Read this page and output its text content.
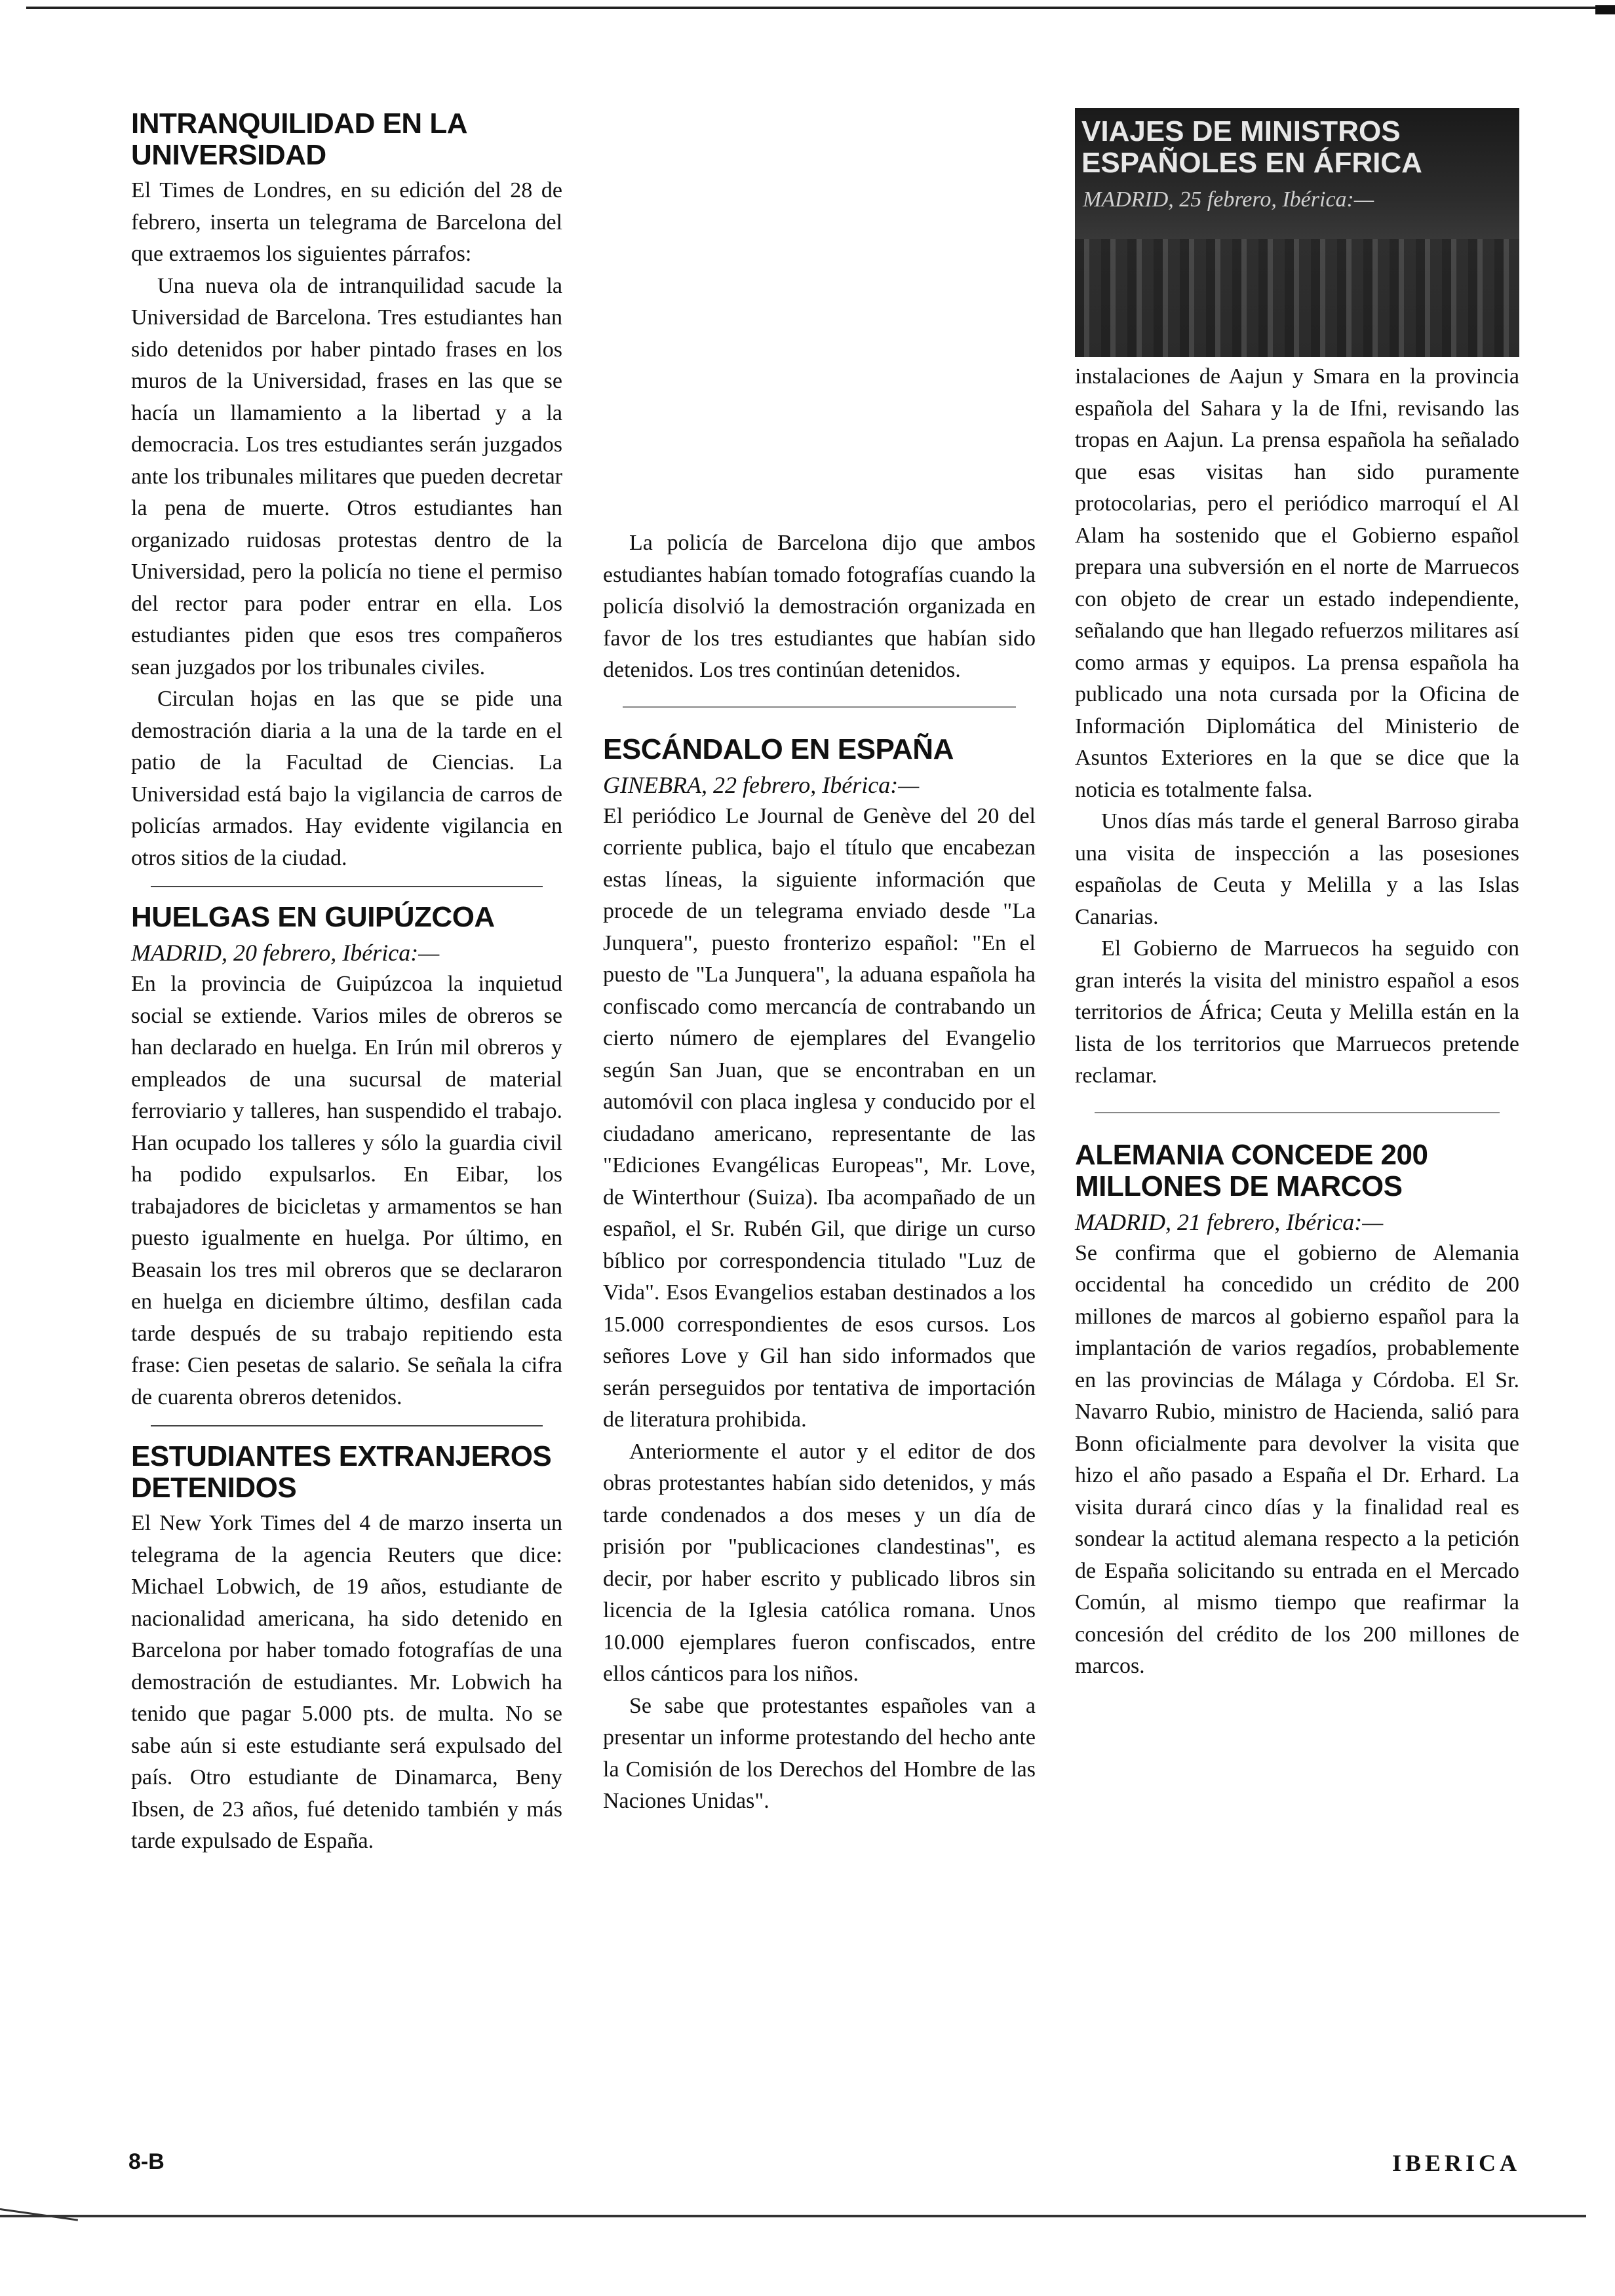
INTRANQUILIDAD EN LA UNIVERSIDAD

El Times de Londres, en su edición del 28 de febrero, inserta un telegrama de Barcelona del que extraemos los siguientes párrafos:

Una nueva ola de intranquilidad sacude la Universidad de Barcelona. Tres estudiantes han sido detenidos por haber pintado frases en los muros de la Universidad, frases en las que se hacía un llamamiento a la libertad y a la democracia. Los tres estudiantes serán juzgados ante los tribunales militares que pueden decretar la pena de muerte. Otros estudiantes han organizado ruidosas protestas dentro de la Universidad, pero la policía no tiene el permiso del rector para poder entrar en ella. Los estudiantes piden que esos tres compañeros sean juzgados por los tribunales civiles.

Circulan hojas en las que se pide una demostración diaria a la una de la tarde en el patio de la Facultad de Ciencias. La Universidad está bajo la vigilancia de carros de policías armados. Hay evidente vigilancia en otros sitios de la ciudad.

HUELGAS EN GUIPÚZCOA

MADRID, 20 febrero, Ibérica:—

En la provincia de Guipúzcoa la inquietud social se extiende. Varios miles de obreros se han declarado en huelga. En Irún mil obreros y empleados de una sucursal de material ferroviario y talleres, han suspendido el trabajo. Han ocupado los talleres y sólo la guardia civil ha podido expulsarlos. En Eibar, los trabajadores de bicicletas y armamentos se han puesto igualmente en huelga. Por último, en Beasain los tres mil obreros que se declararon en huelga en diciembre último, desfilan cada tarde después de su trabajo repitiendo esta frase: Cien pesetas de salario. Se señala la cifra de cuarenta obreros detenidos.

ESTUDIANTES EXTRANJEROS DETENIDOS

El New York Times del 4 de marzo inserta un telegrama de la agencia Reuters que dice: Michael Lobwich, de 19 años, estudiante de nacionalidad americana, ha sido detenido en Barcelona por haber tomado fotografías de una demostración de estudiantes. Mr. Lobwich ha tenido que pagar 5.000 pts. de multa. No se sabe aún si este estudiante será expulsado del país. Otro estudiante de Dinamarca, Beny Ibsen, de 23 años, fué detenido también y más tarde expulsado de España.

La policía de Barcelona dijo que ambos estudiantes habían tomado fotografías cuando la policía disolvió la demostración organizada en favor de los tres estudiantes que habían sido detenidos. Los tres continúan detenidos.

ESCÁNDALO EN ESPAÑA

GINEBRA, 22 febrero, Ibérica:—

El periódico Le Journal de Genève del 20 del corriente publica, bajo el título que encabezan estas líneas, la siguiente información que procede de un telegrama enviado desde "La Junquera", puesto fronterizo español: "En el puesto de "La Junquera", la aduana española ha confiscado como mercancía de contrabando un cierto número de ejemplares del Evangelio según San Juan, que se encontraban en un automóvil con placa inglesa y conducido por el ciudadano americano, representante de las "Ediciones Evangélicas Europeas", Mr. Love, de Winterthour (Suiza). Iba acompañado de un español, el Sr. Rubén Gil, que dirige un curso bíblico por correspondencia titulado "Luz de Vida". Esos Evangelios estaban destinados a los 15.000 correspondientes de esos cursos. Los señores Love y Gil han sido informados que serán perseguidos por tentativa de importación de literatura prohibida.

Anteriormente el autor y el editor de dos obras protestantes habían sido detenidos, y más tarde condenados a dos meses y un día de prisión por "publicaciones clandestinas", es decir, por haber escrito y publicado libros sin licencia de la Iglesia católica romana. Unos 10.000 ejemplares fueron confiscados, entre ellos cánticos para los niños.

Se sabe que protestantes españoles van a presentar un informe protestando del hecho ante la Comisión de los Derechos del Hombre de las Naciones Unidas".

VIAJES DE MINISTROS ESPAÑOLES EN ÁFRICA
MADRID, 25 febrero, Ibérica:—

instalaciones de Aajun y Smara en la provincia española del Sahara y la de Ifni, revisando las tropas en Aajun. La prensa española ha señalado que esas visitas han sido puramente protocolarias, pero el periódico marroquí el Al Alam ha sostenido que el Gobierno español prepara una subversión en el norte de Marruecos con objeto de crear un estado independiente, señalando que han llegado refuerzos militares así como armas y equipos. La prensa española ha publicado una nota cursada por la Oficina de Información Diplomática del Ministerio de Asuntos Exteriores en la que se dice que la noticia es totalmente falsa.

Unos días más tarde el general Barroso giraba una visita de inspección a las posesiones españolas de Ceuta y Melilla y a las Islas Canarias.

El Gobierno de Marruecos ha seguido con gran interés la visita del ministro español a esos territorios de África; Ceuta y Melilla están en la lista de los territorios que Marruecos pretende reclamar.

ALEMANIA CONCEDE 200 MILLONES DE MARCOS

MADRID, 21 febrero, Ibérica:—

Se confirma que el gobierno de Alemania occidental ha concedido un crédito de 200 millones de marcos al gobierno español para la implantación de varios regadíos, probablemente en las provincias de Málaga y Córdoba. El Sr. Navarro Rubio, ministro de Hacienda, salió para Bonn oficialmente para devolver la visita que hizo el año pasado a España el Dr. Erhard. La visita durará cinco días y la finalidad real es sondear la actitud alemana respecto a la petición de España solicitando su entrada en el Mercado Común, al mismo tiempo que reafirmar la concesión del crédito de los 200 millones de marcos.

8-B	IBERICA
